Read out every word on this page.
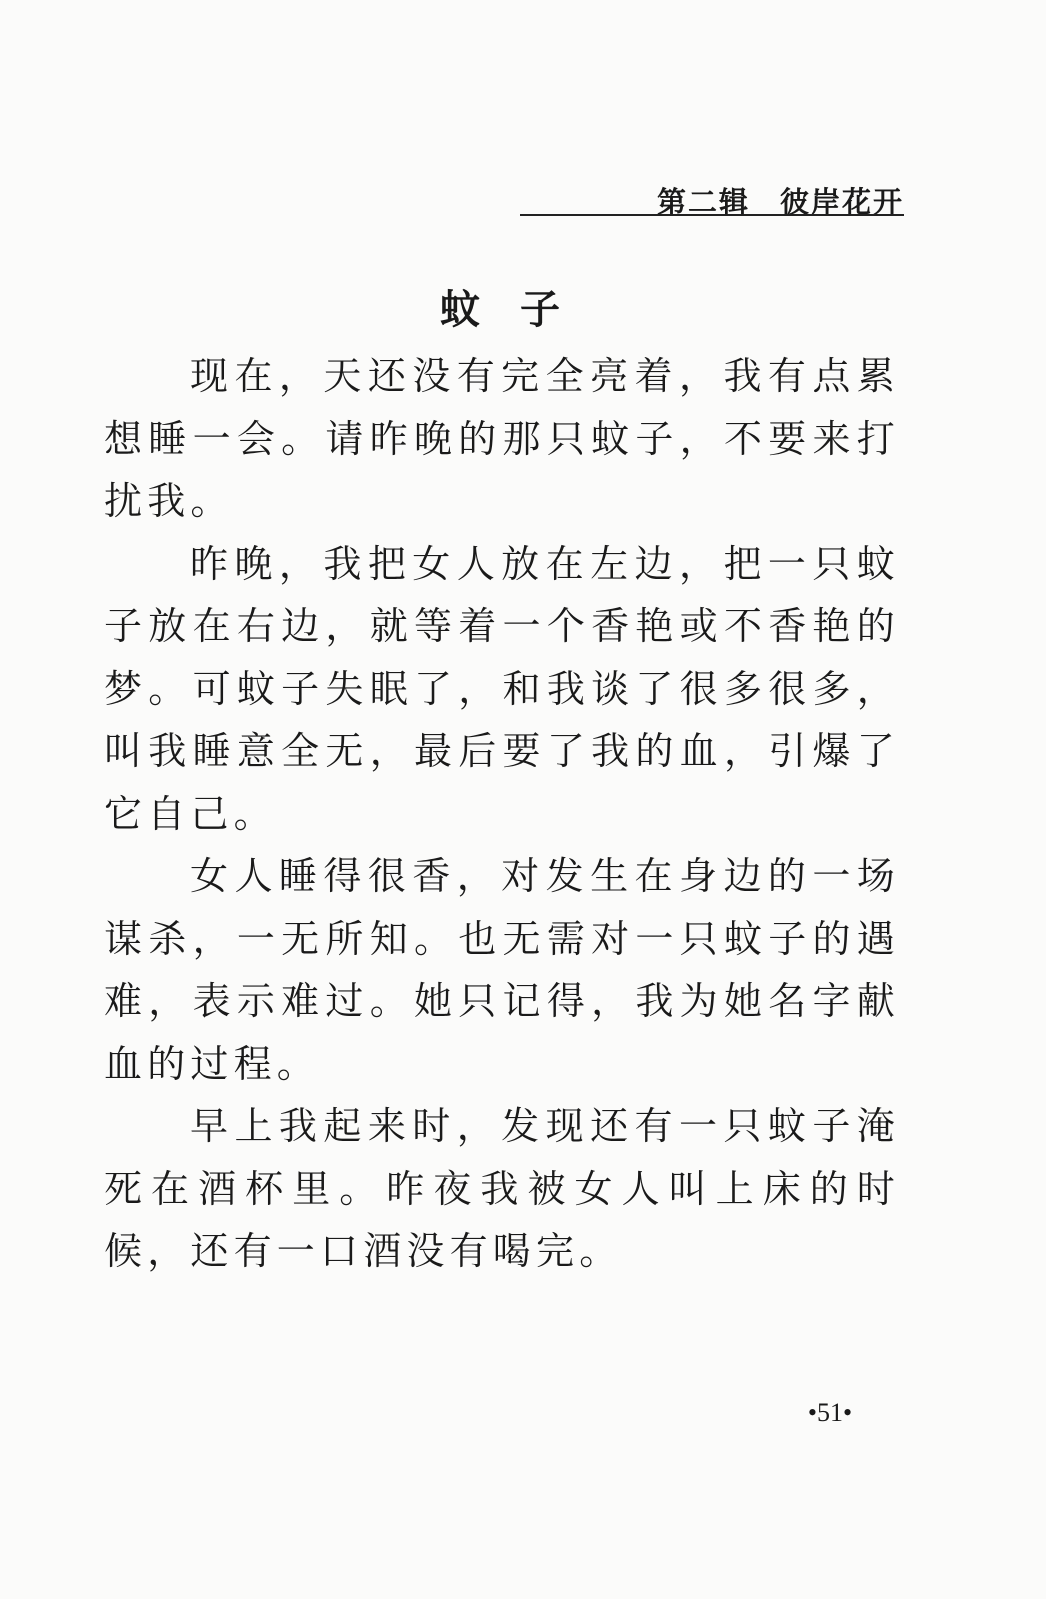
第二辑 彼岸花开
蚊子

现在，天还没有完全亮着，我有点累想睡一会。请昨晚的那只蚊子，不要来打扰我。

昨晚，我把女人放在左边，把一只蚊子放在右边，就等着一个香艳或不香艳的梦。可蚊子失眠了，和我谈了很多很多，叫我睡意全无，最后要了我的血，引爆了它自己。

女人睡得很香，对发生在身边的一场谋杀，一无所知。也无需对一只蚊子的遇难，表示难过。她只记得，我为她名字献血的过程。

早上我起来时，发现还有一只蚊子淹死在酒杯里。昨夜我被女人叫上床的时候，还有一口酒没有喝完。

•51•
